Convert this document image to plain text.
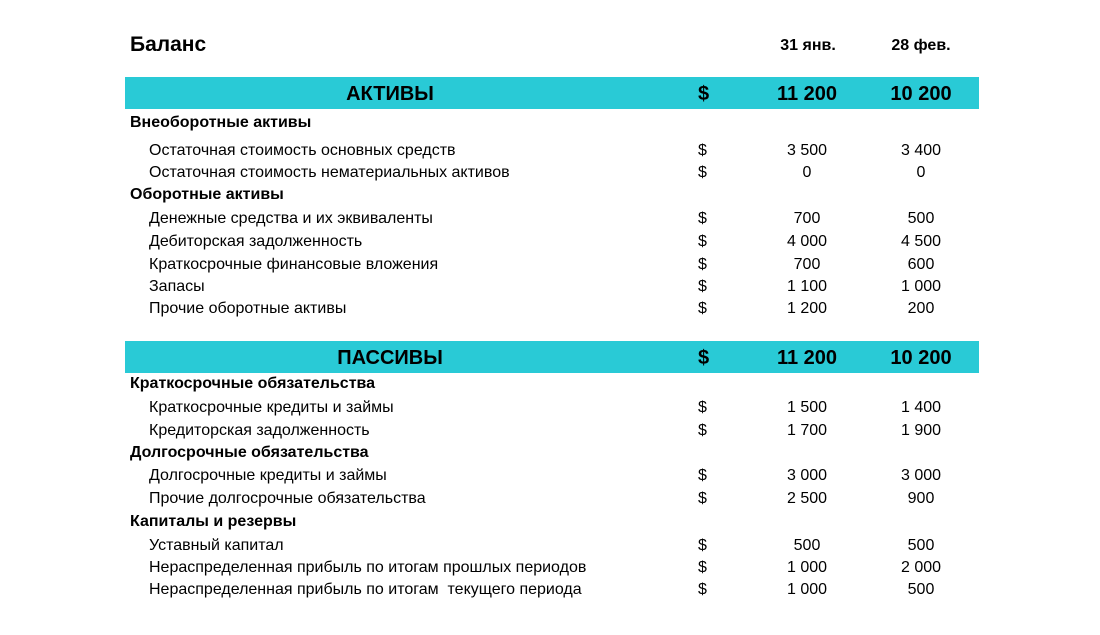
Баланс	31 янв.	28 фев.
АКТИВЫ	$	11 200	10 200
Внеоборотные активы
Остаточная стоимость основных средств	$	3 500	3 400
Остаточная стоимость нематериальных активов	$	0	0
Оборотные активы
Денежные средства и их эквиваленты	$	700	500
Дебиторская задолженность	$	4 000	4 500
Краткосрочные финансовые вложения	$	700	600
Запасы	$	1 100	1 000
Прочие оборотные активы	$	1 200	200
ПАССИВЫ	$	11 200	10 200
Краткосрочные обязательства
Краткосрочные кредиты и займы	$	1 500	1 400
Кредиторская задолженность	$	1 700	1 900
Долгосрочные обязательства
Долгосрочные кредиты и займы	$	3 000	3 000
Прочие долгосрочные обязательства	$	2 500	900
Капиталы и резервы
Уставный капитал	$	500	500
Нераспределенная прибыль по итогам прошлых периодов	$	1 000	2 000
Нераспределенная прибыль по итогам  текущего периода	$	1 000	500
